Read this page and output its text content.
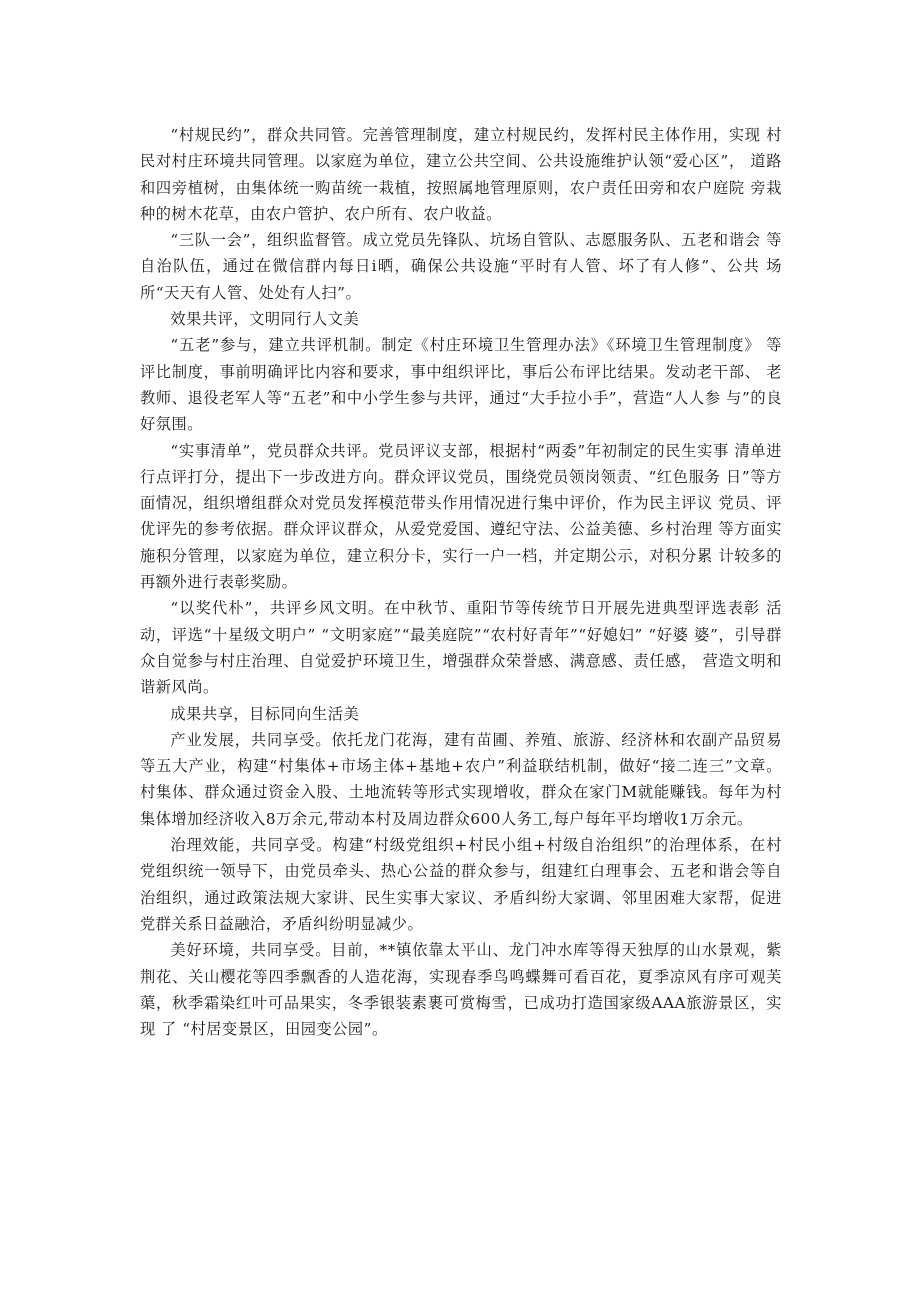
“村规民约”，群众共同管。完善管理制度，建立村规民约，发挥村民主体作用，实现 村民对村庄环境共同管理。以家庭为单位，建立公共空间、公共设施维护认领“爱心区”， 道路和四旁植树，由集体统一购苗统一栽植，按照属地管理原则，农户责任田旁和农户庭院 旁栽种的树木花草，由农户管护、农户所有、农户收益。

“三队一会”，组织监督管。成立党员先锋队、坑场自管队、志愿服务队、五老和谐会 等自治队伍，通过在微信群内每日i晒，确保公共设施“平时有人管、坏了有人修”、公共 场所“天天有人管、处处有人扫”。

效果共评，文明同行人文美

“五老”参与，建立共评机制。制定《村庄环境卫生管理办法》《环境卫生管理制度》 等评比制度，事前明确评比内容和要求，事中组织评比，事后公布评比结果。发动老干部、 老教师、退役老军人等“五老”和中小学生参与共评，通过“大手拉小手”，营造“人人参 与”的良好氛围。

“实事清单”，党员群众共评。党员评议支部，根据村“两委”年初制定的民生实事 清单进行点评打分，提出下一步改进方向。群众评议党员，围绕党员领岗领责、“红色服务 日”等方面情况，组织增组群众对党员发挥模范带头作用情况进行集中评价，作为民主评议 党员、评优评先的参考依据。群众评议群众，从爱党爱国、遵纪守法、公益美德、乡村治理 等方面实施积分管理，以家庭为单位，建立积分卡，实行一户一档，并定期公示，对积分累 计较多的再额外进行表彰奖励。

“以奖代朴”，共评乡风文明。在中秋节、重阳节等传统节日开展先进典型评选表彰 活动，评选“十星级文明户” “文明家庭”“最美庭院”“农村好青年”“好媳妇” “好婆 婆”，引导群众自觉参与村庄治理、自觉爱护环境卫生，增强群众荣誉感、满意感、责任感， 营造文明和谐新风尚。

成果共享，目标同向生活美

产业发展，共同享受。依托龙门花海，建有苗圃、养殖、旅游、经济林和农副产品贸易 等五大产业，构建“村集体+市场主体+基地+农户”利益联结机制，做好“接二连三”文章。 村集体、群众通过资金入股、土地流转等形式实现增收，群众在家门M就能赚钱。每年为村 集体增加经济收入8万余元,带动本村及周边群众600人务工,每户每年平均增收1万余元。

治理效能，共同享受。构建“村级党组织+村民小组+村级自治组织”的治理体系，在村 党组织统一领导下，由党员牵头、热心公益的群众参与，组建红白理事会、五老和谐会等自 治组织，通过政策法规大家讲、民生实事大家议、矛盾纠纷大家调、邻里困难大家帮，促进 党群关系日益融洽，矛盾纠纷明显减少。

美好环境，共同享受。目前，**镇依靠太平山、龙门冲水库等得天独厚的山水景观，紫 荆花、关山樱花等四季飘香的人造花海，实现春季鸟鸣蝶舞可看百花，夏季凉风有序可观芙 蕖，秋季霜染红叶可品果实，冬季银装素裹可赏梅雪，已成功打造国家级AAA旅游景区，实 现 了 “村居变景区，田园变公园”。
